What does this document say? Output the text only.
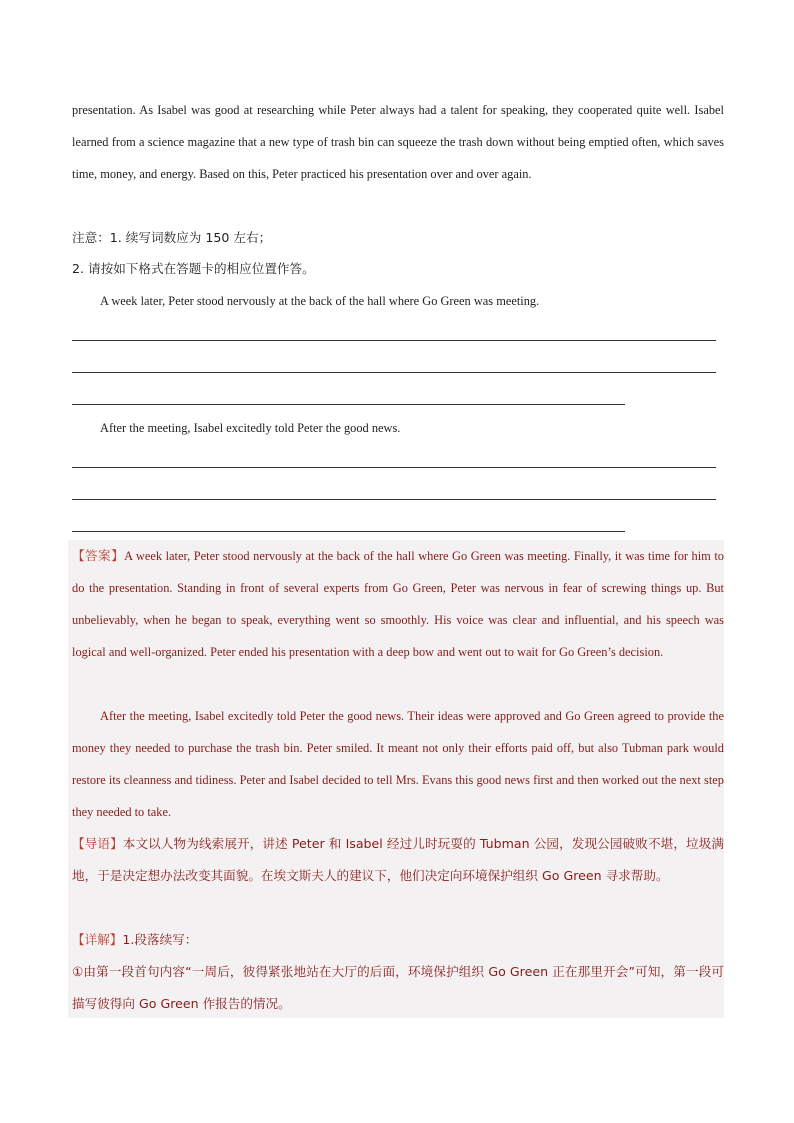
presentation. As Isabel was good at researching while Peter always had a talent for speaking, they cooperated quite well. Isabel learned from a science magazine that a new type of trash bin can squeeze the trash down without being emptied often, which saves time, money, and energy. Based on this, Peter practiced his presentation over and over again.

注意：1. 续写词数应为 150 左右；

2. 请按如下格式在答题卡的相应位置作答。

A week later, Peter stood nervously at the back of the hall where Go Green was meeting.

After the meeting, Isabel excitedly told Peter the good news.

【答案】A week later, Peter stood nervously at the back of the hall where Go Green was meeting. Finally, it was time for him to do the presentation. Standing in front of several experts from Go Green, Peter was nervous in fear of screwing things up. But unbelievably, when he began to speak, everything went so smoothly. His voice was clear and influential, and his speech was logical and well-organized. Peter ended his presentation with a deep bow and went out to wait for Go Green’s decision.

After the meeting, Isabel excitedly told Peter the good news. Their ideas were approved and Go Green agreed to provide the money they needed to purchase the trash bin. Peter smiled. It meant not only their efforts paid off, but also Tubman park would restore its cleanness and tidiness. Peter and Isabel decided to tell Mrs. Evans this good news first and then worked out the next step they needed to take.

【导语】本文以人物为线索展开，讲述 Peter 和 Isabel 经过儿时玩耍的 Tubman 公园，发现公园破败不堪，垃圾满地，于是决定想办法改变其面貌。在埃文斯夫人的建议下，他们决定向环境保护组织 Go Green 寻求帮助。

【详解】1.段落续写：

①由第一段首句内容“一周后，彼得紧张地站在大厅的后面，环境保护组织 Go Green 正在那里开会”可知，第一段可描写彼得向 Go Green 作报告的情况。
